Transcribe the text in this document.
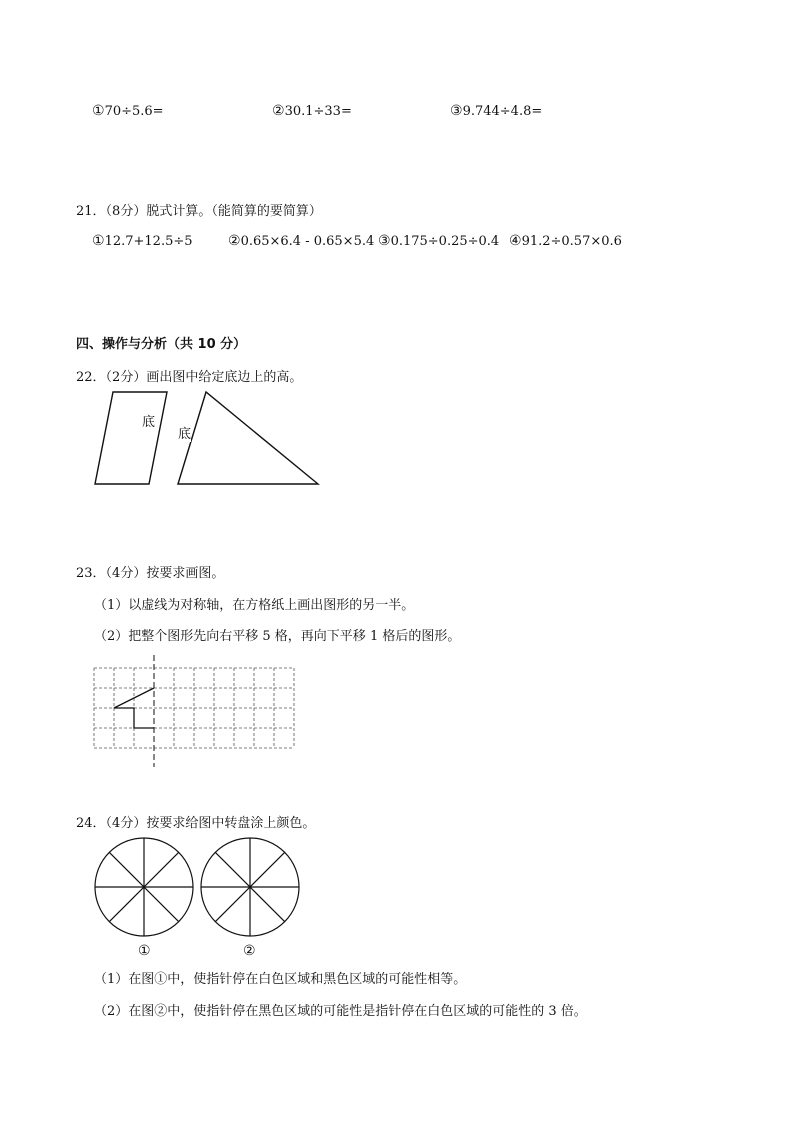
①70÷5.6=	②30.1÷33=	③9.744÷4.8=
21．（8分）脱式计算。（能简算的要简算）
①12.7+12.5÷5	②0.65×6.4 - 0.65×5.4 ③0.175÷0.25÷0.4 ④91.2÷0.57×0.6
四、操作与分析（共 10 分）
22．（2分）画出图中给定底边上的高。
底
底
23．（4分）按要求画图。
（1）以虚线为对称轴，在方格纸上画出图形的另一半。
（2）把整个图形先向右平移 5 格，再向下平移 1 格后的图形。
24．（4分）按要求给图中转盘涂上颜色。
①	②
（1）在图①中，使指针停在白色区域和黑色区域的可能性相等。
（2）在图②中，使指针停在黑色区域的可能性是指针停在白色区域的可能性的 3 倍。
